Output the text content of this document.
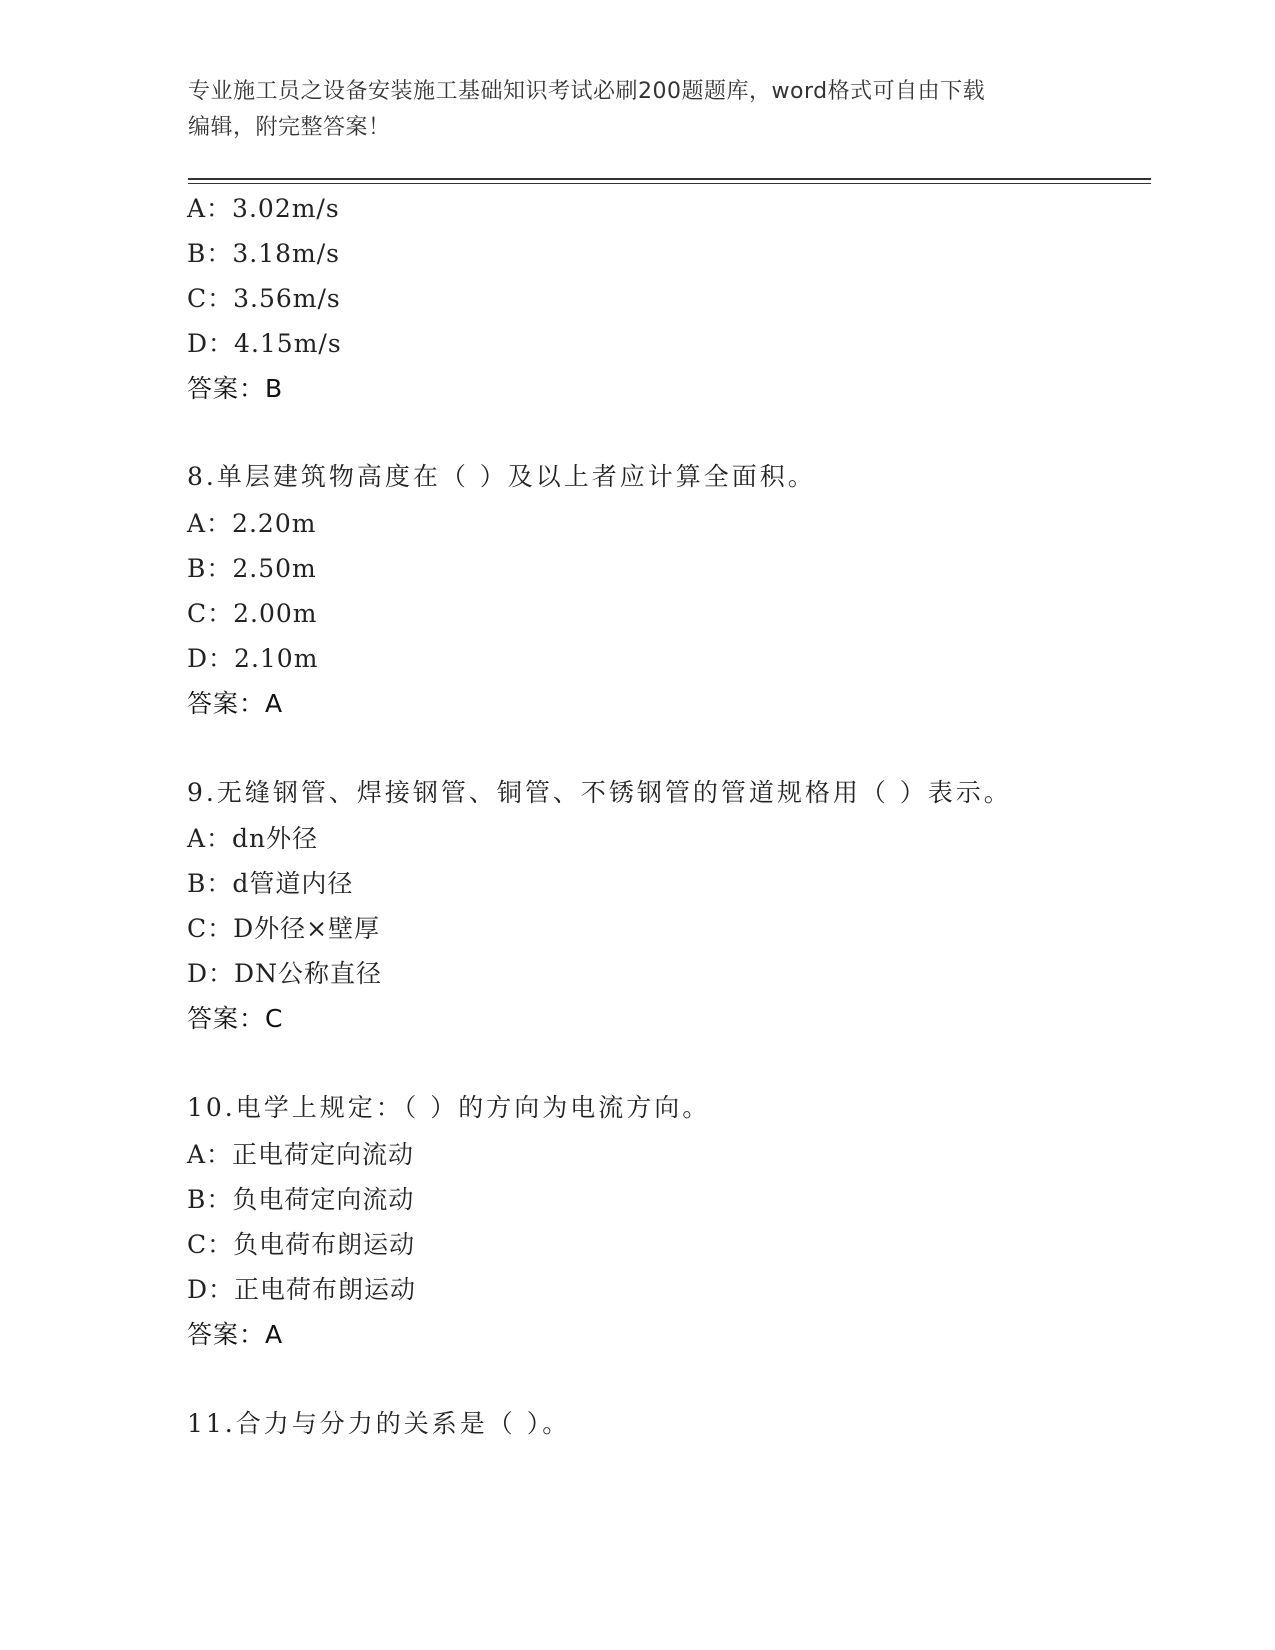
专业施工员之设备安装施工基础知识考试必刷200题题库，word格式可自由下载
编辑，附完整答案！
A：3.02m/s
B：3.18m/s
C：3.56m/s
D：4.15m/s
答案：B
8.单层建筑物高度在（ ）及以上者应计算全面积。
A：2.20m
B：2.50m
C：2.00m
D：2.10m
答案：A
9.无缝钢管、焊接钢管、铜管、不锈钢管的管道规格用（ ）表示。
A：dn外径
B：d管道内径
C：D外径×壁厚
D：DN公称直径
答案：C
10.电学上规定：（ ）的方向为电流方向。
A：正电荷定向流动
B：负电荷定向流动
C：负电荷布朗运动
D：正电荷布朗运动
答案：A
11.合力与分力的关系是（ ）。
